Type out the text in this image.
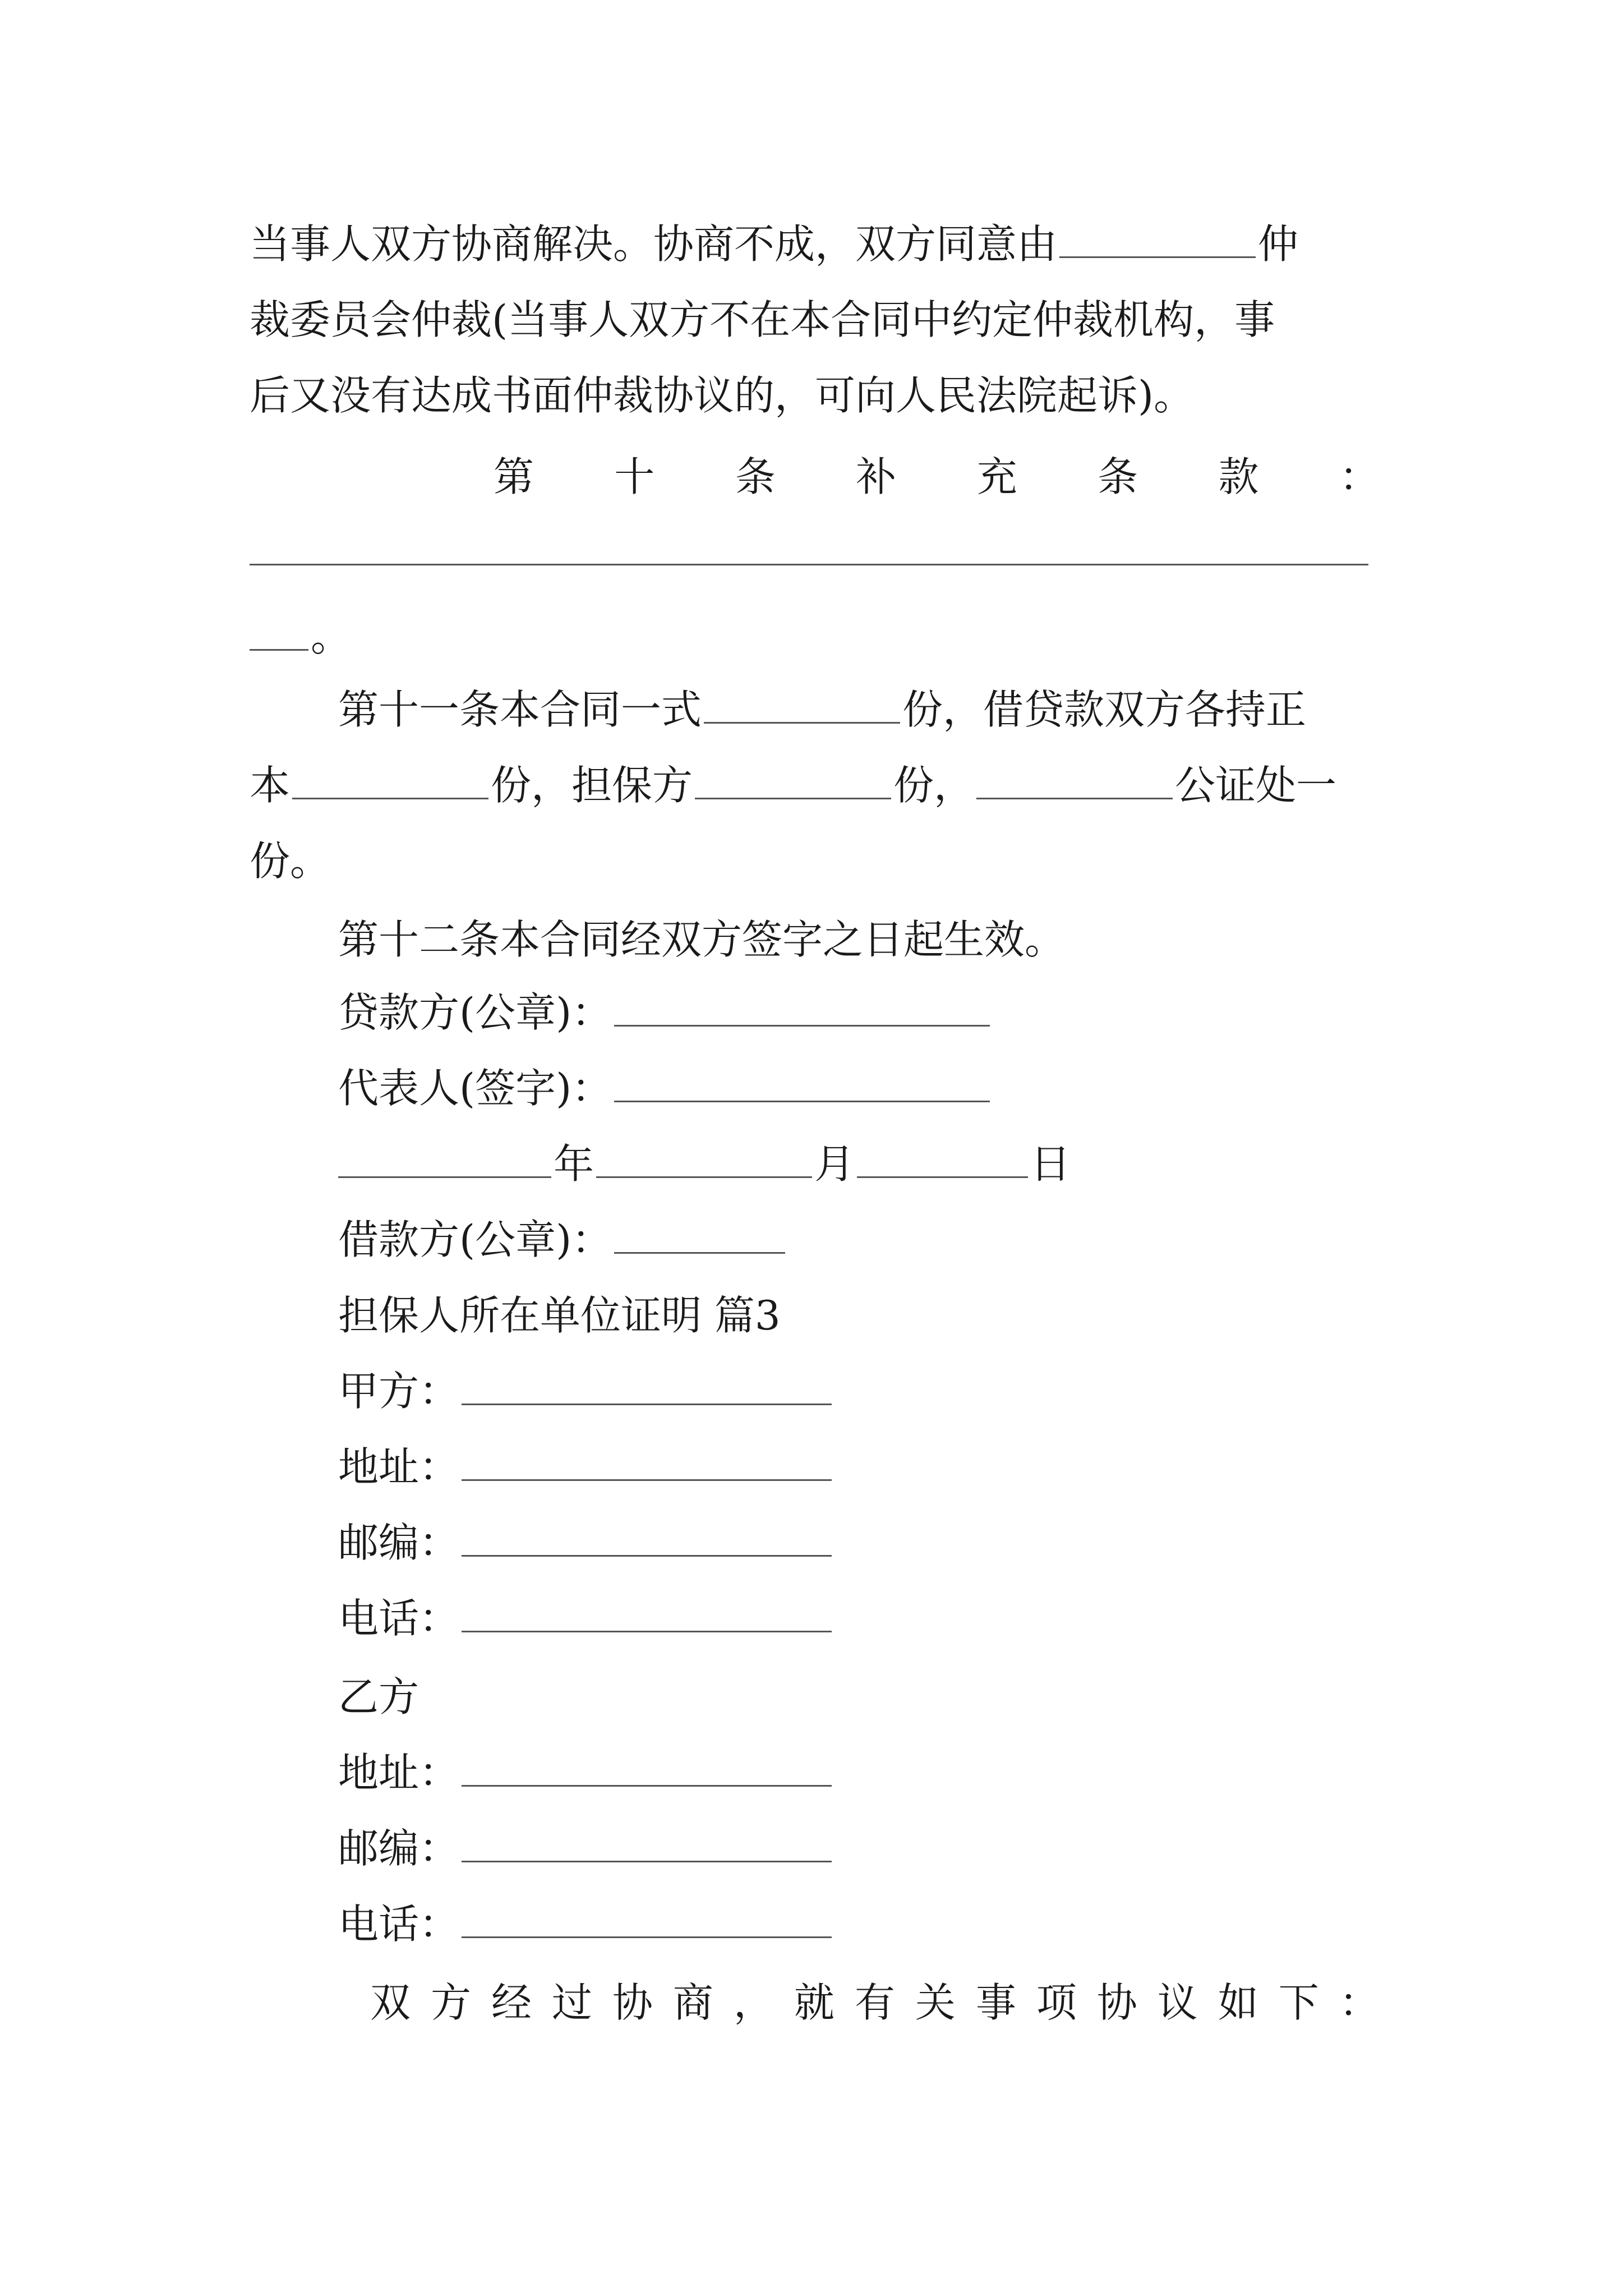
当事人双方协商解决。协商不成，双方同意由	仲
裁委员会仲裁(当事人双方不在本合同中约定仲裁机构，事
后又没有达成书面仲裁协议的，可向人民法院起诉)。
第 十 条 补 充 条 款 ：
。
第十一条本合同一式	份，借贷款双方各持正
本	份，担保方	份，	公证处一
份。
第十二条本合同经双方签字之日起生效。
贷款方(公章)：
代表人(签字)：
年	月	日
借款方(公章)：
担保人所在单位证明 篇3
甲方：
地址：
邮编：
电话：
乙方
地址：
邮编：
电话：
双 方 经 过 协 商 ， 就 有 关 事 项 协 议 如 下 ：
